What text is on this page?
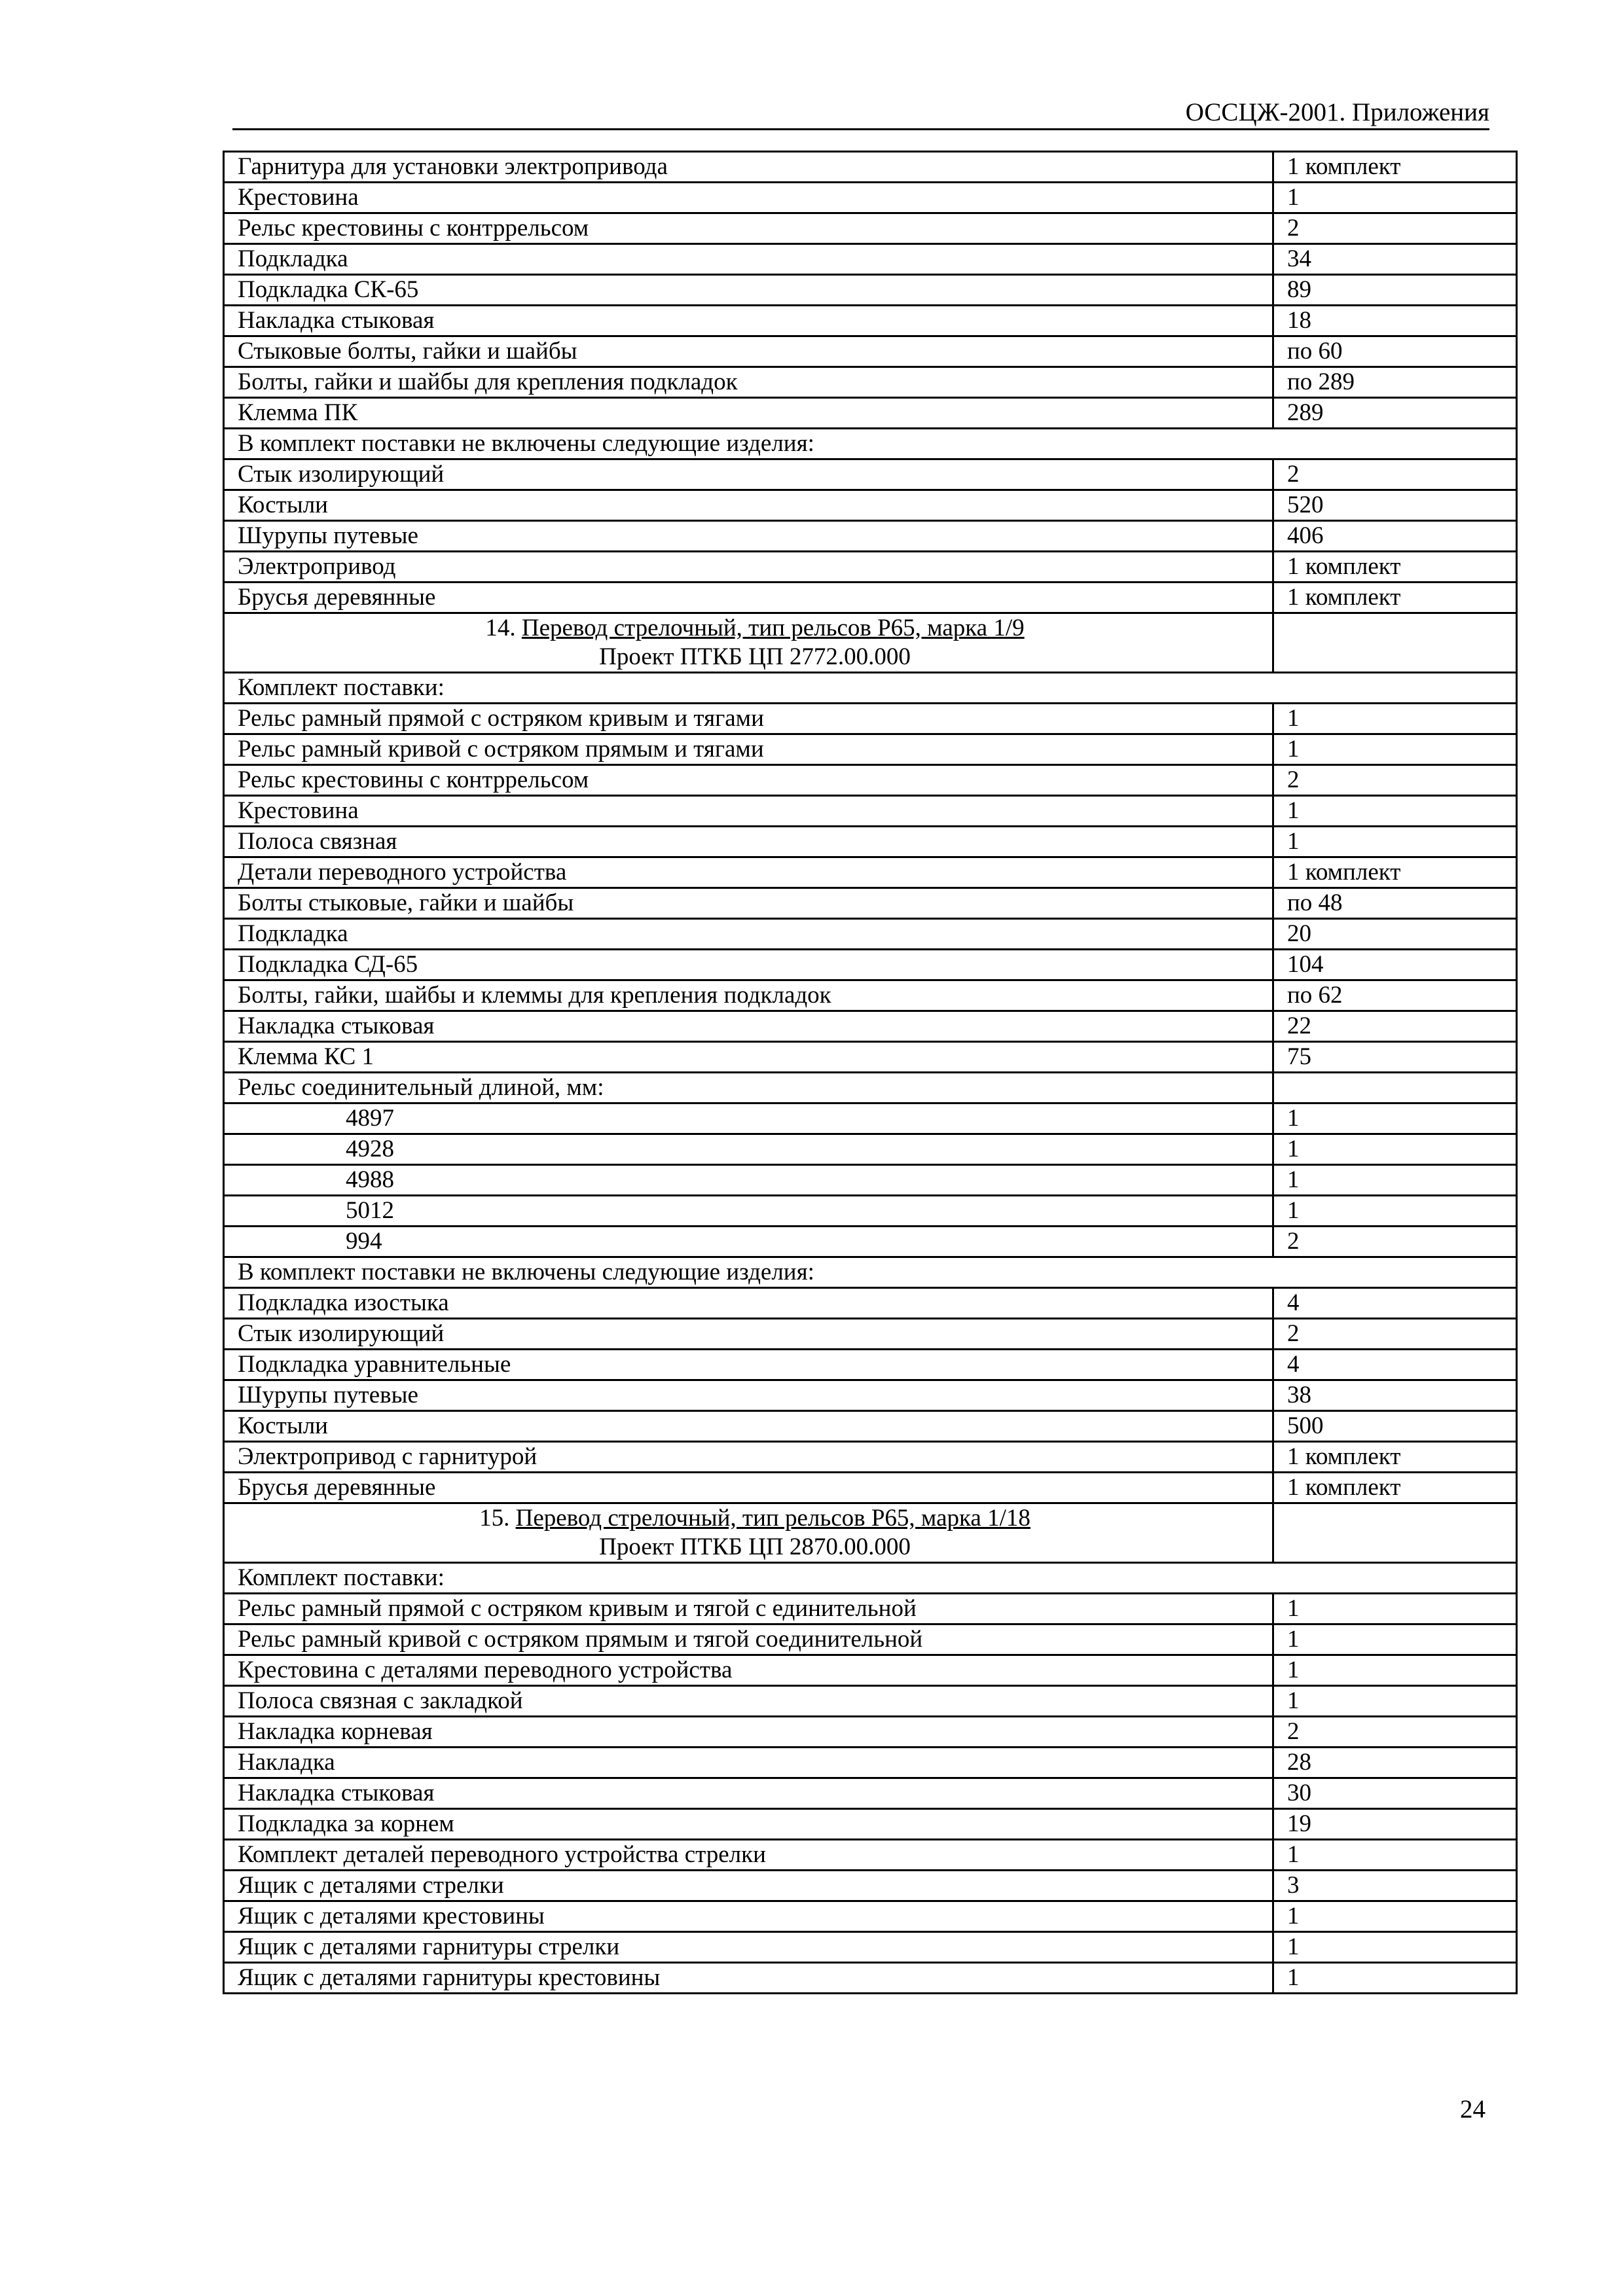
ОССЦЖ-2001. Приложения
Гарнитура для установки электропривода	1 комплект
Крестовина	1
Рельс крестовины с контррельсом	2
Подкладка	34
Подкладка СК-65	89
Накладка стыковая	18
Стыковые болты, гайки и шайбы	по 60
Болты, гайки и шайбы для крепления подкладок	по 289
Клемма ПК	289
В комплект поставки не включены следующие изделия:	
Стык изолирующий	2
Костыли	520
Шурупы путевые	406
Электропривод	1 комплект
Брусья деревянные	1 комплект

14. Перевод стрелочный, тип рельсов Р65, марка 1/9
Проект ПТКБ ЦП 2772.00.000	

Комплект поставки:	
Рельс рамный прямой с остряком кривым и тягами	1
Рельс рамный кривой с остряком прямым и тягами	1
Рельс крестовины с контррельсом	2
Крестовина	1
Полоса связная	1
Детали переводного устройства	1 комплект
Болты стыковые, гайки и шайбы	по 48
Подкладка	20
Подкладка СД-65	104
Болты, гайки, шайбы и клеммы для крепления подкладок	по 62
Накладка стыковая	22
Клемма КС 1	75
Рельс соединительный длиной, мм:	
4897	1
4928	1
4988	1
5012	1
994	2
В комплект поставки не включены следующие изделия:	
Подкладка изостыка	4
Стык изолирующий	2
Подкладка уравнительные	4
Шурупы путевые	38
Костыли	500
Электропривод с гарнитурой	1 комплект
Брусья деревянные	1 комплект

15. Перевод стрелочный, тип рельсов Р65, марка 1/18
Проект ПТКБ ЦП 2870.00.000	

Комплект поставки:	
Рельс рамный прямой с остряком кривым и тягой с единительной	1
Рельс рамный кривой с остряком прямым и тягой соединительной	1
Крестовина с деталями переводного устройства	1
Полоса связная с закладкой	1
Накладка корневая	2
Накладка	28
Накладка стыковая	30
Подкладка за корнем	19
Комплект деталей переводного устройства стрелки	1
Ящик с деталями стрелки	3
Ящик с деталями крестовины	1
Ящик с деталями гарнитуры стрелки	1
Ящик с деталями гарнитуры крестовины	1
24
